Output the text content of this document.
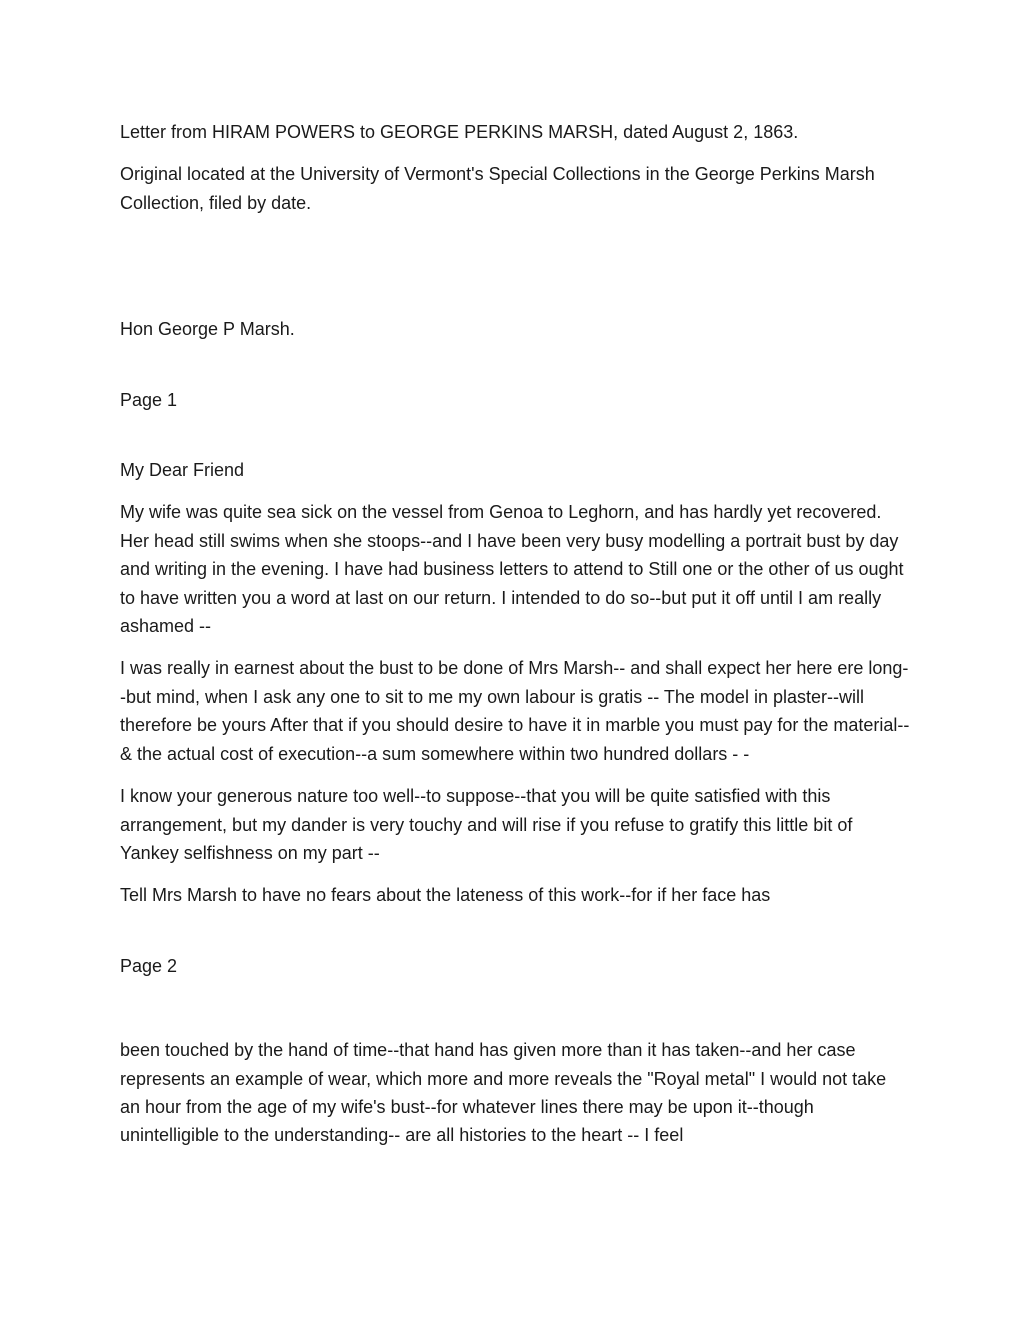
Letter from HIRAM POWERS to GEORGE PERKINS MARSH, dated August 2, 1863.

Original located at the University of Vermont's Special Collections in the George Perkins Marsh Collection, filed by date.

Hon George P Marsh.

Page 1

My Dear Friend

My wife was quite sea sick on the vessel from Genoa to Leghorn, and has hardly yet recovered. Her head still swims when she stoops--and I have been very busy modelling a portrait bust by day and writing in the evening. I have had business letters to attend to Still one or the other of us ought to have written you a word at last on our return. I intended to do so--but put it off until I am really ashamed --

I was really in earnest about the bust to be done of Mrs Marsh-- and shall expect her here ere long--but mind, when I ask any one to sit to me my own labour is gratis -- The model in plaster--will therefore be yours After that if you should desire to have it in marble you must pay for the material--& the actual cost of execution--a sum somewhere within two hundred dollars - -

I know your generous nature too well--to suppose--that you will be quite satisfied with this arrangement, but my dander is very touchy and will rise if you refuse to gratify this little bit of Yankey selfishness on my part --

Tell Mrs Marsh to have no fears about the lateness of this work--for if her face has

Page 2

been touched by the hand of time--that hand has given more than it has taken--and her case represents an example of wear, which more and more reveals the "Royal metal" I would not take an hour from the age of my wife's bust--for whatever lines there may be upon it--though unintelligible to the understanding-- are all histories to the heart -- I feel
